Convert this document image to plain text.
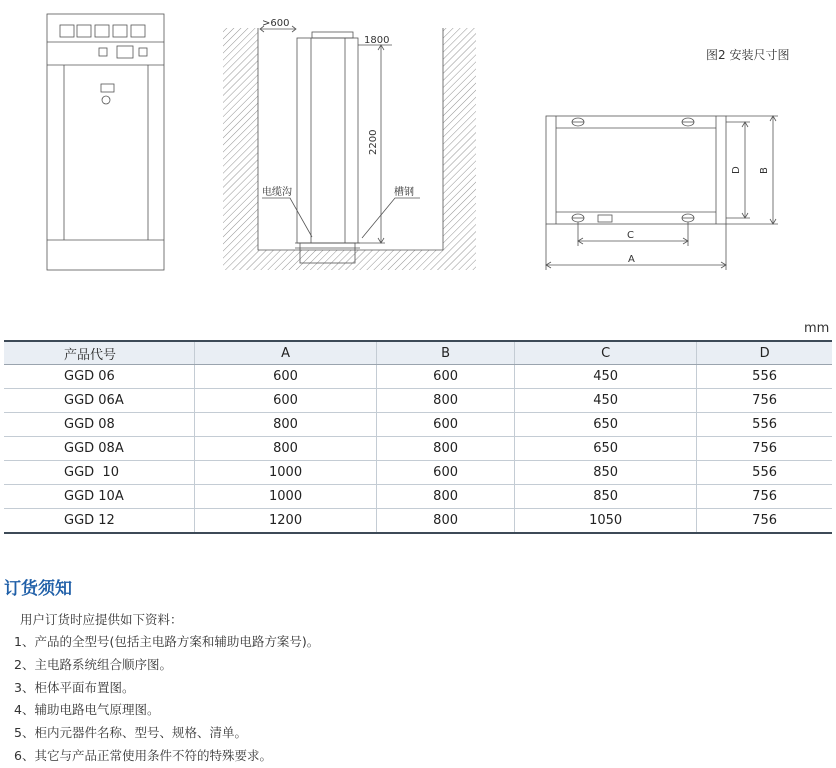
>600
1800
2200
电缆沟	槽钢
D B
C
A
图2 安装尺寸图
mm
产品代号	A	B	C	D
GGD 06	600	600	450	556
GGD 06A	600	800	450	756
GGD 08	800	600	650	556
GGD 08A	800	800	650	756
GGD  10	1000	600	850	556
GGD 10A	1000	800	850	756
GGD 12	1200	800	1050	756
订货须知

用户订货时应提供如下资料：

1、产品的全型号(包括主电路方案和辅助电路方案号)。
2、主电路系统组合顺序图。
3、柜体平面布置图。
4、辅助电路电气原理图。
5、柜内元器件名称、型号、规格、清单。
6、其它与产品正常使用条件不符的特殊要求。
